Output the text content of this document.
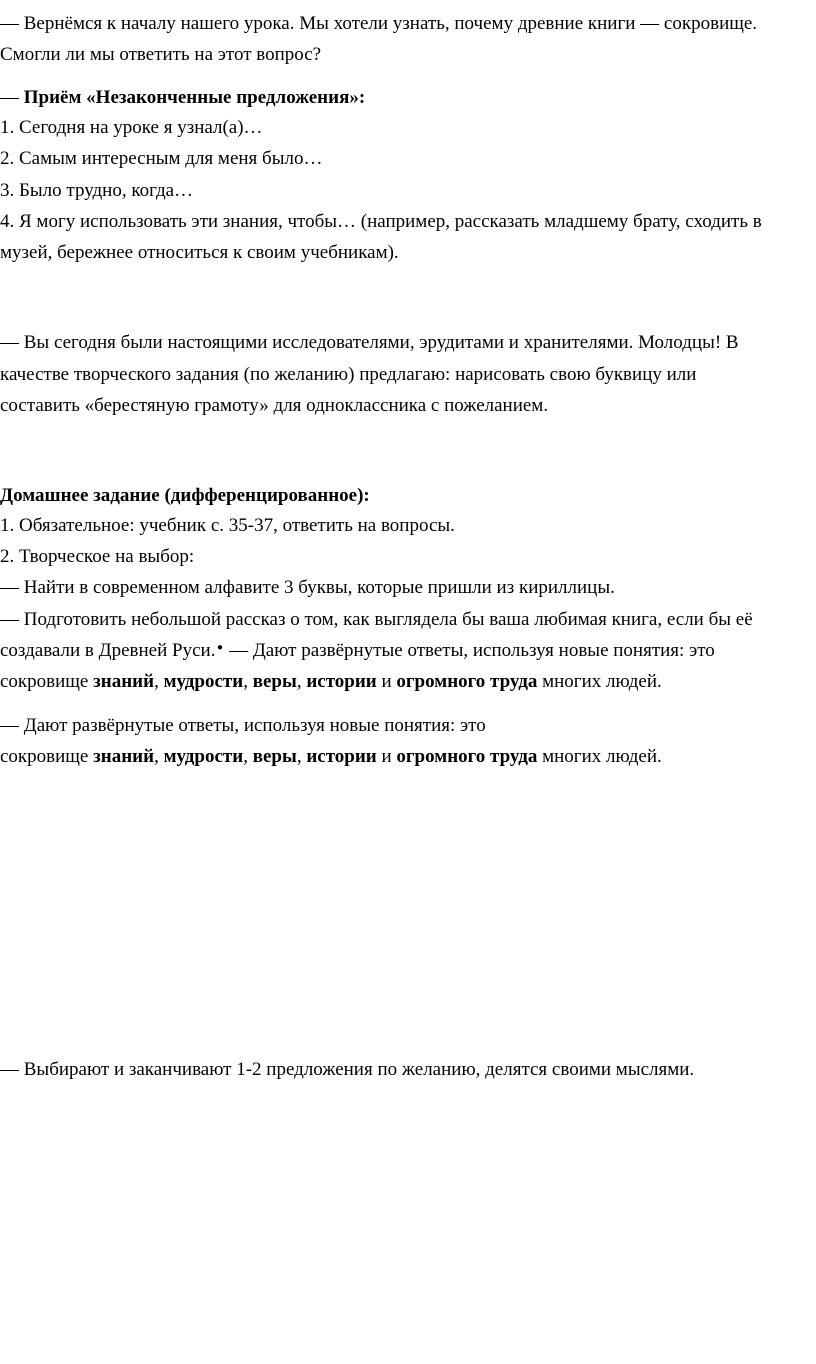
— Вернёмся к началу нашего урока. Мы хотели узнать, почему древние книги — сокровище.
Смогли ли мы ответить на этот вопрос?
— Приём «Незаконченные предложения»:
1. Сегодня на уроке я узнал(а)…
2. Самым интересным для меня было…
3. Было трудно, когда…
4. Я могу использовать эти знания, чтобы… (например, рассказать младшему брату, сходить в
музей, бережнее относиться к своим учебникам).
— Вы сегодня были настоящими исследователями, эрудитами и хранителями. Молодцы! В
качестве творческого задания (по желанию) предлагаю: нарисовать свою буквицу или
составить «берестяную грамоту» для одноклассника с пожеланием.
Домашнее задание (дифференцированное):
1. Обязательное: учебник с. 35-37, ответить на вопросы.
2. Творческое на выбор:
— Найти в современном алфавите 3 буквы, которые пришли из кириллицы.
— Подготовить небольшой рассказ о том, как выглядела бы ваша любимая книга, если бы её
создавали в Древней Руси.• — Дают развёрнутые ответы, используя новые понятия: это
сокровище знаний, мудрости, веры, истории и огромного труда многих людей.
— Дают развёрнутые ответы, используя новые понятия: это
сокровище знаний, мудрости, веры, истории и огромного труда многих людей.
— Выбирают и заканчивают 1-2 предложения по желанию, делятся своими мыслями.
